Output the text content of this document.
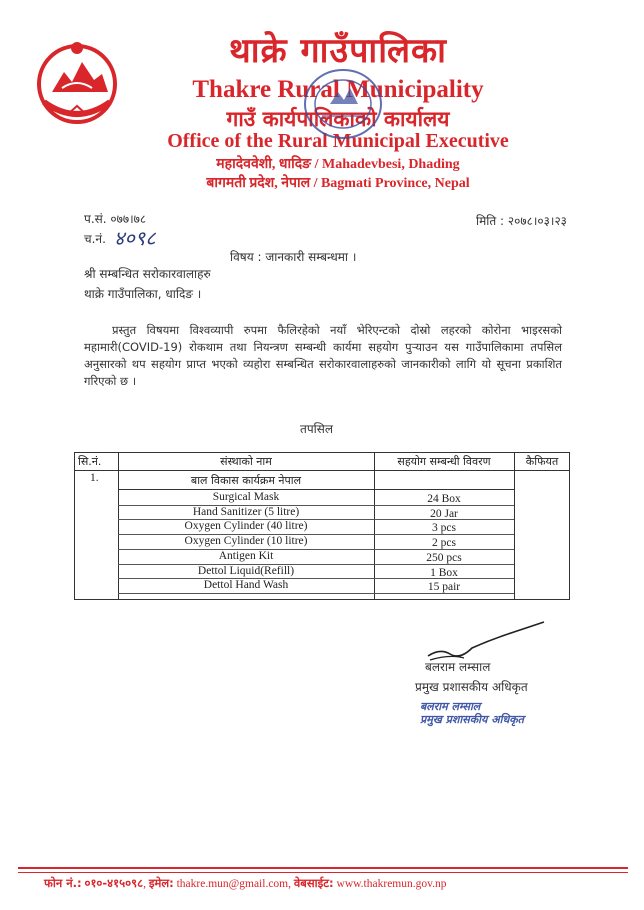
थाक्रे गाउँपालिका
Thakre Rural Municipality
गाउँ कार्यपालिकाको कार्यालय
Office of the Rural Municipal Executive
महादेववेशी, धादिङ / Mahadevbesi, Dhading
बागमती प्रदेश, नेपाल / Bagmati Province, Nepal
प.सं. ०७७।७८
च.नं. ४०९८
मिति : २०७८।०३।२३
विषय : जानकारी सम्बन्धमा ।
श्री सम्बन्धित सरोकारवालाहरु
थाक्रे गाउँपालिका, धादिङ ।
प्रस्तुत विषयमा विश्वव्यापी रुपमा फैलिरहेको नयाँ भेरिएन्टको दोस्रो लहरको कोरोना भाइरसको महामारी(COVID-19) रोकथाम तथा नियन्त्रण सम्बन्धी कार्यमा सहयोग पुऱ्याउन यस गाउँपालिकामा तपसिल अनुसारको थप सहयोग प्राप्त भएको व्यहोरा सम्बन्धित सरोकारवालाहरुको जानकारीको लागि यो सूचना प्रकाशित गरिएको छ ।
तपसिल
सि.नं.	संस्थाको नाम	सहयोग सम्बन्धी विवरण	कैफियत
1.	बाल विकास कार्यक्रम नेपाल
Surgical Mask	24 Box
Hand Sanitizer (5 litre)	20 Jar
Oxygen Cylinder (40 litre)	3 pcs
Oxygen Cylinder (10 litre)	2 pcs
Antigen Kit	250 pcs
Dettol Liquid(Refill)	1 Box
Dettol Hand Wash	15 pair
बलराम लम्साल
प्रमुख प्रशासकीय अधिकृत
बलराम लम्साल
प्रमुख प्रशासकीय अधिकृत
फोन नं.: ०१०-४१५०९८, इमेल: thakre.mun@gmail.com, वेबसाईट: www.thakremun.gov.np
